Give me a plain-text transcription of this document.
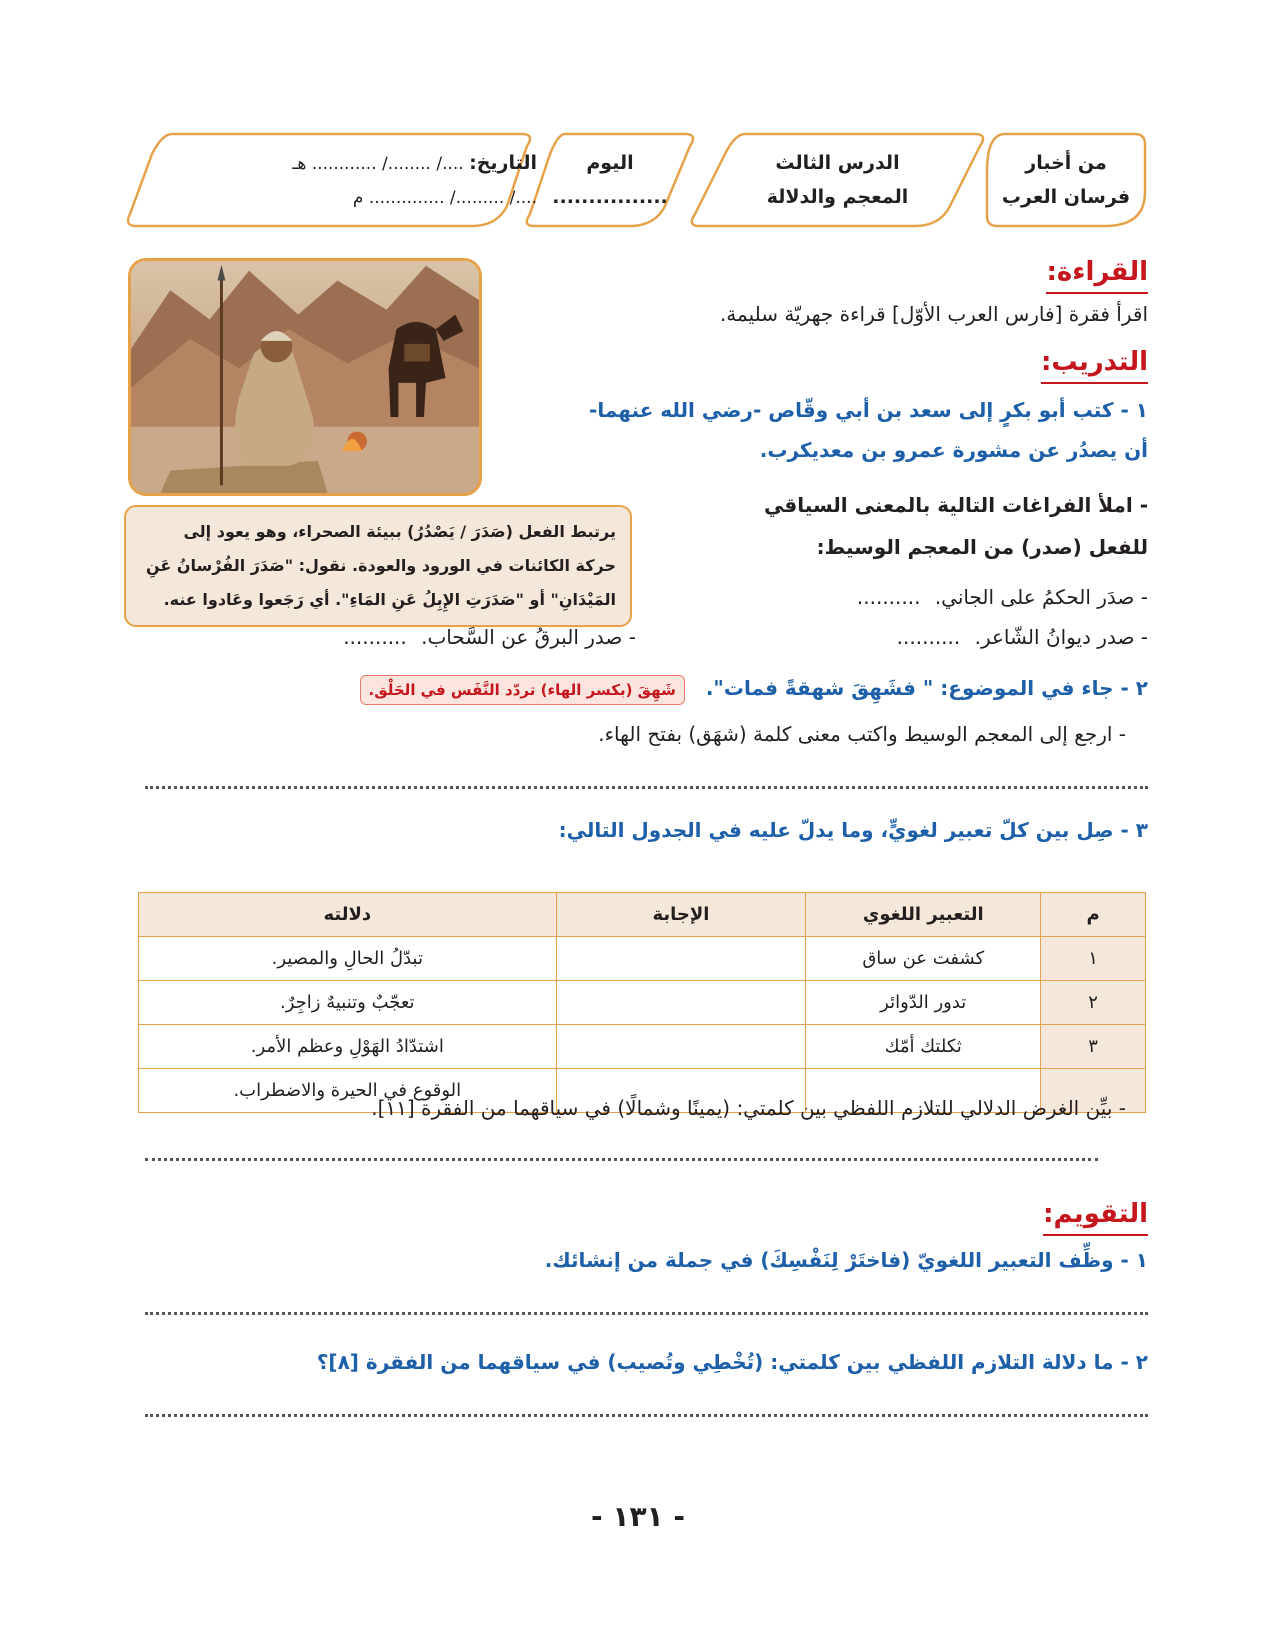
من أخبار
فرسان العرب
الدرس الثالث
المعجم والدلالة
اليوم
................
التاريخ: ..../ ......../ ............ هـ
..../ ........./ .............. م
القراءة:
اقرأ فقرة [فارس العرب الأوّل] قراءة جهريّة سليمة.
التدريب:
١ - كتب أبو بكرٍ إلى سعد بن أبي وقّاص -رضي الله عنهما-
أن يصدُر عن مشورة عمرو بن معديكرب.
- املأ الفراغات التالية بالمعنى السياقي
للفعل (صدر) من المعجم الوسيط:
يرتبط الفعل (صَدَرَ / يَصْدُرُ) ببيئة الصحراء، وهو يعود إلى حركة الكائنات في الورود والعودة. نقول: "صَدَرَ الفُرْسانُ عَنِ المَيْدَانِ" أو "صَدَرَتِ الإِبِلُ عَنِ المَاءِ". أي رَجَعوا وعَادوا عنه.	- صدَر الحكمُ على الجاني. ..........
- صدر ديوانُ الشّاعر. ..........
- صدر البرقُ عن السَّحاب. ..........
٢ - جاء في الموضوع: " فشَهِقَ شهقةً فمات". شَهِقَ (بكسر الهاء) تردّد النَّفَس في الحَلْق.
- ارجع إلى المعجم الوسيط واكتب معنى كلمة (شهَق) بفتح الهاء.
٣ - صِل بين كلّ تعبير لغويٍّ، وما يدلّ عليه في الجدول التالي:
م	التعبير اللغوي	الإجابة	دلالته
١	كشفت عن ساق		تبدّلُ الحالِ والمصير.
٢	تدور الدّوائر		تعجّبٌ وتنبيهٌ زاجِرٌ.
٣	ثكلتك أمّك		اشتدّادُ الهَوْلِ وعظم الأمر.
			الوقوع في الحيرة والاضطراب.
- بيِّن الغرض الدلالي للتلازم اللفظي بين كلمتي: (يمينًا وشمالًا) في سياقهما من الفقرة [١١].
التقويم:
١ - وظِّف التعبير اللغويّ (فاختَرْ لِنَفْسِكَ) في جملة من إنشائك.
٢ - ما دلالة التلازم اللفظي بين كلمتي: (تُخْطِي وتُصيب) في سياقهما من الفقرة [٨]؟
- ١٣١ -
